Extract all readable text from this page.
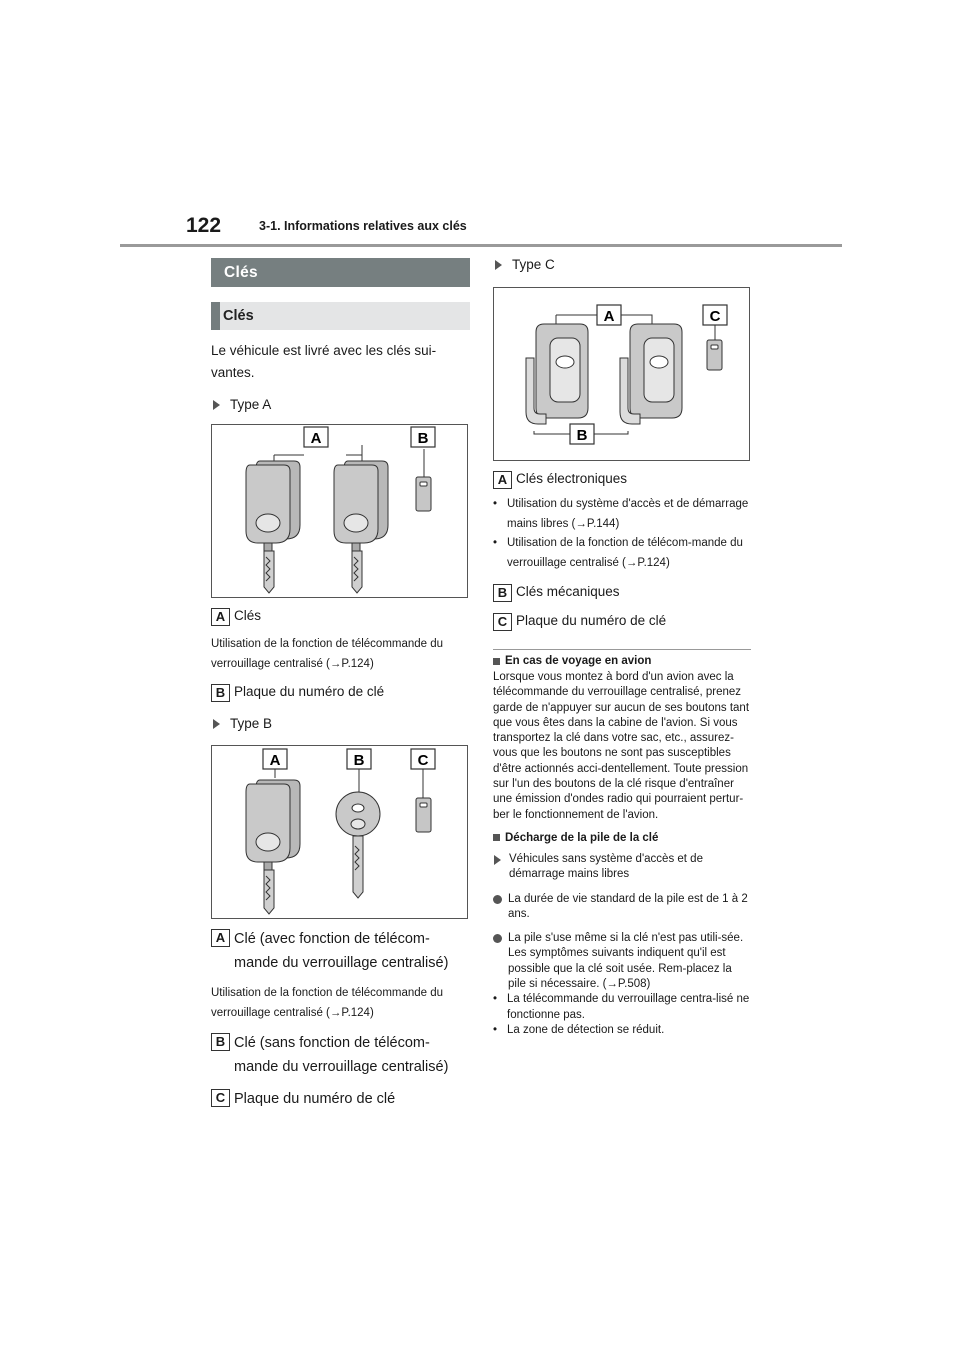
122	3-1. Informations relatives aux clés
Clés
Clés

Le véhicule est livré avec les clés sui-vantes.

Type A
A	B
A Clés
Utilisation de la fonction de télécommande du verrouillage centralisé (→P.124)
B Plaque du numéro de clé
Type B
A	B	C
A Clé (avec fonction de télécom-mande du verrouillage centralisé)
Utilisation de la fonction de télécommande du verrouillage centralisé (→P.124)
B Clé (sans fonction de télécom-mande du verrouillage centralisé)
C Plaque du numéro de clé
Type C
A	C
B
A Clés électroniques
• Utilisation du système d'accès et de démarrage mains libres (→P.144)
• Utilisation de la fonction de télécom-mande du verrouillage centralisé (→P.124)
B Clés mécaniques
C Plaque du numéro de clé
En cas de voyage en avion
Lorsque vous montez à bord d'un avion avec la télécommande du verrouillage centralisé, prenez garde de n'appuyer sur aucun de ses boutons tant que vous êtes dans la cabine de l'avion. Si vous transportez la clé dans votre sac, etc., assurez-vous que les boutons ne sont pas susceptibles d'être actionnés acci-dentellement. Toute pression sur l'un des boutons de la clé risque d'entraîner une émission d'ondes radio qui pourraient pertur-ber le fonctionnement de l'avion.
Décharge de la pile de la clé
Véhicules sans système d'accès et de démarrage mains libres
La durée de vie standard de la pile est de 1 à 2 ans.
La pile s'use même si la clé n'est pas utili-sée. Les symptômes suivants indiquent qu'il est possible que la clé soit usée. Rem-placez la pile si nécessaire. (→P.508)
• La télécommande du verrouillage centra-lisé ne fonctionne pas.
• La zone de détection se réduit.
